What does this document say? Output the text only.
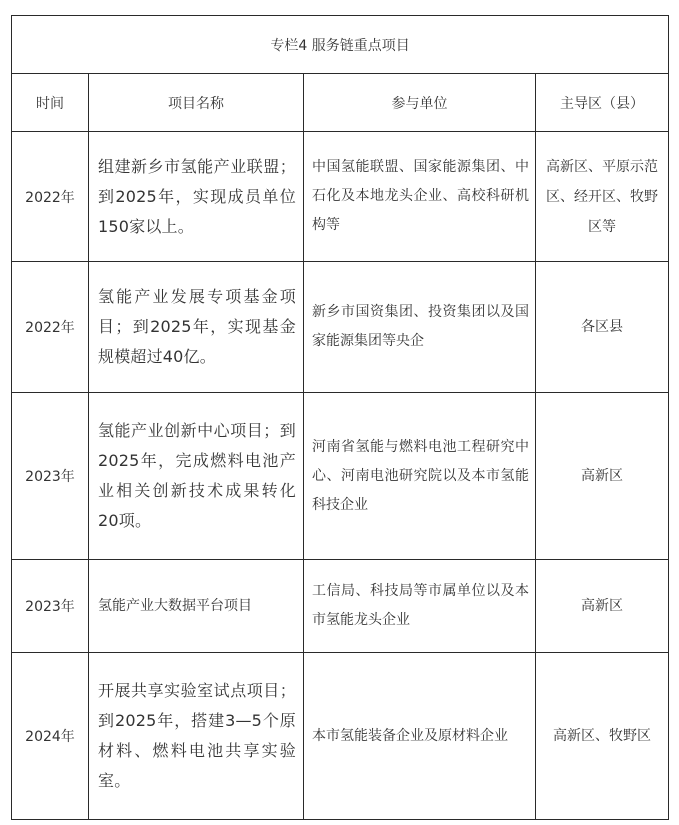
专栏4 服务链重点项目			
时间	项目名称	参与单位	主导区（县）
2022年	组建新乡市氢能产业联盟；到2025年，实现成员单位150家以上。	中国氢能联盟、国家能源集团、中石化及本地龙头企业、高校科研机构等	高新区、平原示范区、经开区、牧野区等
2022年	氢能产业发展专项基金项目；到2025年，实现基金规模超过40亿。	新乡市国资集团、投资集团以及国家能源集团等央企	各区县
2023年	氢能产业创新中心项目；到2025年，完成燃料电池产业相关创新技术成果转化20项。	河南省氢能与燃料电池工程研究中心、河南电池研究院以及本市氢能科技企业	高新区
2023年	氢能产业大数据平台项目	工信局、科技局等市属单位以及本市氢能龙头企业	高新区
2024年	开展共享实验室试点项目；到2025年，搭建3—5个原材料、燃料电池共享实验室。	本市氢能装备企业及原材料企业	高新区、牧野区
